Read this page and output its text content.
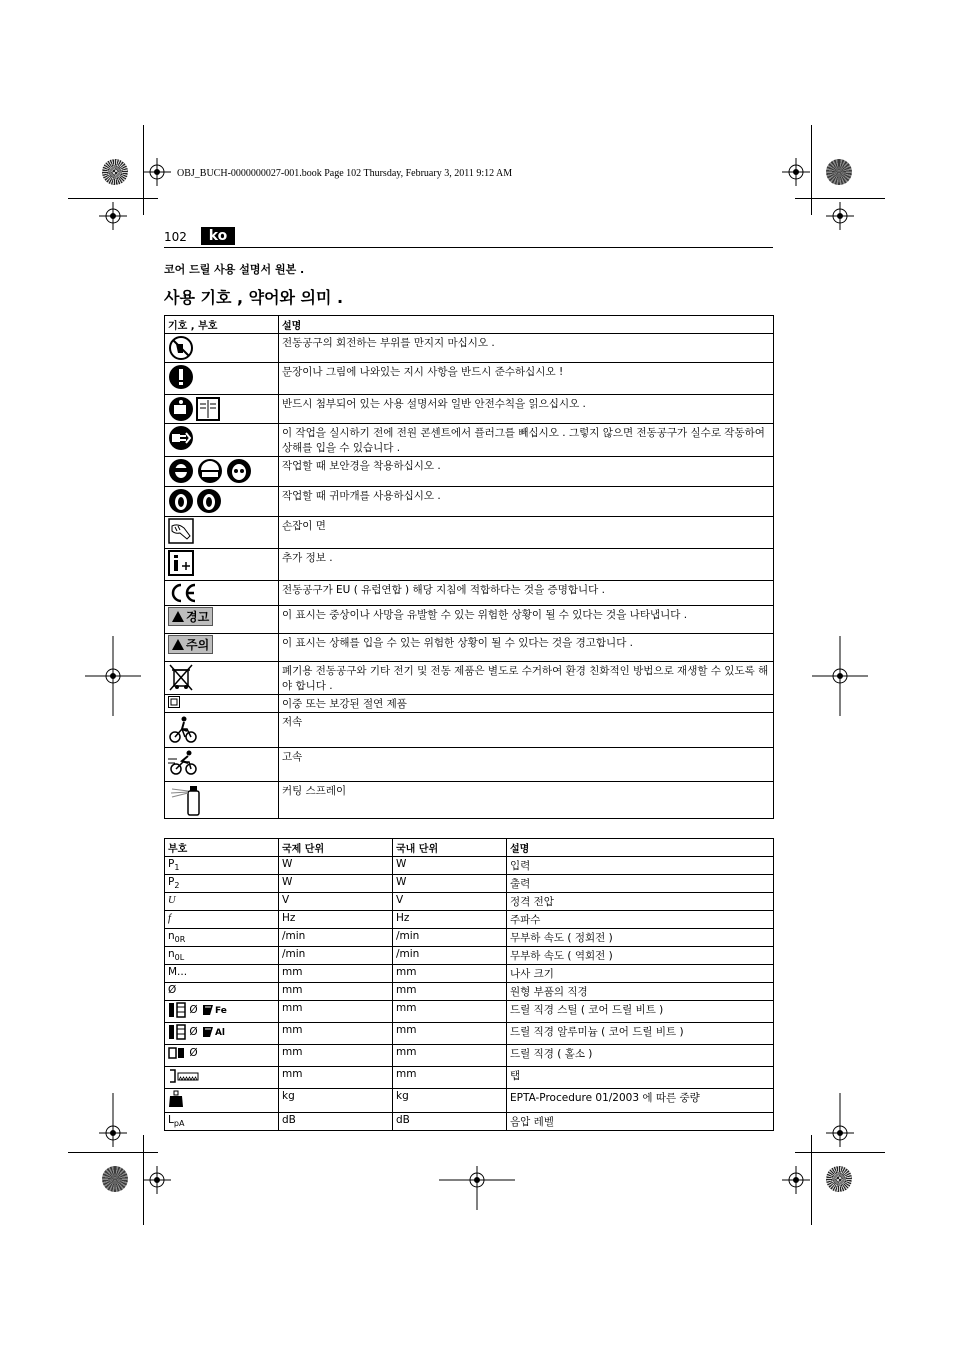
OBJ_BUCH-0000000027-001.book Page 102 Thursday, February 3, 2011 9:12 AM
102	ko
코어 드릴 사용 설명서 원본 .
사용 기호 , 약어와 의미 .
기호 , 부호	설명
	전동공구의 회전하는 부위를 만지지 마십시오 .
	문장이나 그림에 나와있는 지시 사항을 반드시 준수하십시오 !
	반드시 첨부되어 있는 사용 설명서와 일반 안전수칙을 읽으십시오 .
	이 작업을 실시하기 전에 전원 콘센트에서 플러그를 빼십시오 . 그렇지 않으면 전동공구가 실수로 작동하여 상해를 입을 수 있습니다 .
	작업할 때 보안경을 착용하십시오 .
	작업할 때 귀마개를 사용하십시오 .
	손잡이 면
	추가 정보 .
	전동공구가 EU ( 유럽연합 ) 해당 지침에 적합하다는 것을 증명합니다 .
경고	이 표시는 중상이나 사망을 유발할 수 있는 위험한 상황이 될 수 있다는 것을 나타냅니다 .
주의	이 표시는 상해를 입을 수 있는 위험한 상황이 될 수 있다는 것을 경고합니다 .
	폐기용 전동공구와 기타 전기 및 전동 제품은 별도로 수거하여 환경 친화적인 방법으로 재생할 수 있도록 해야 합니다 .
	이중 또는 보강된 절연 제품
	저속
	고속
	커팅 스프레이
부호	국제 단위	국내 단위	설명
$P_1$	W	W	입력
$P_2$	W	W	출력
U	V	V	정격 전압
f	Hz	Hz	주파수
$n_{0R}$	/min	/min	무부하 속도 ( 정회전 )
$n_{0L}$	/min	/min	무부하 속도 ( 역회전 )
M...	mm	mm	나사 크기
Ø	mm	mm	원형 부품의 직경
Ø Fe	mm	mm	드릴 직경 스틸 ( 코어 드릴 비트 )
Ø Al	mm	mm	드릴 직경 알루미늄 ( 코어 드릴 비트 )
Ø	mm	mm	드릴 직경 ( 홀소 )
	mm	mm	탭
	kg	kg	EPTA-Procedure 01/2003 에 따른 중량
$L_{pA}$	dB	dB	음압 레벨
